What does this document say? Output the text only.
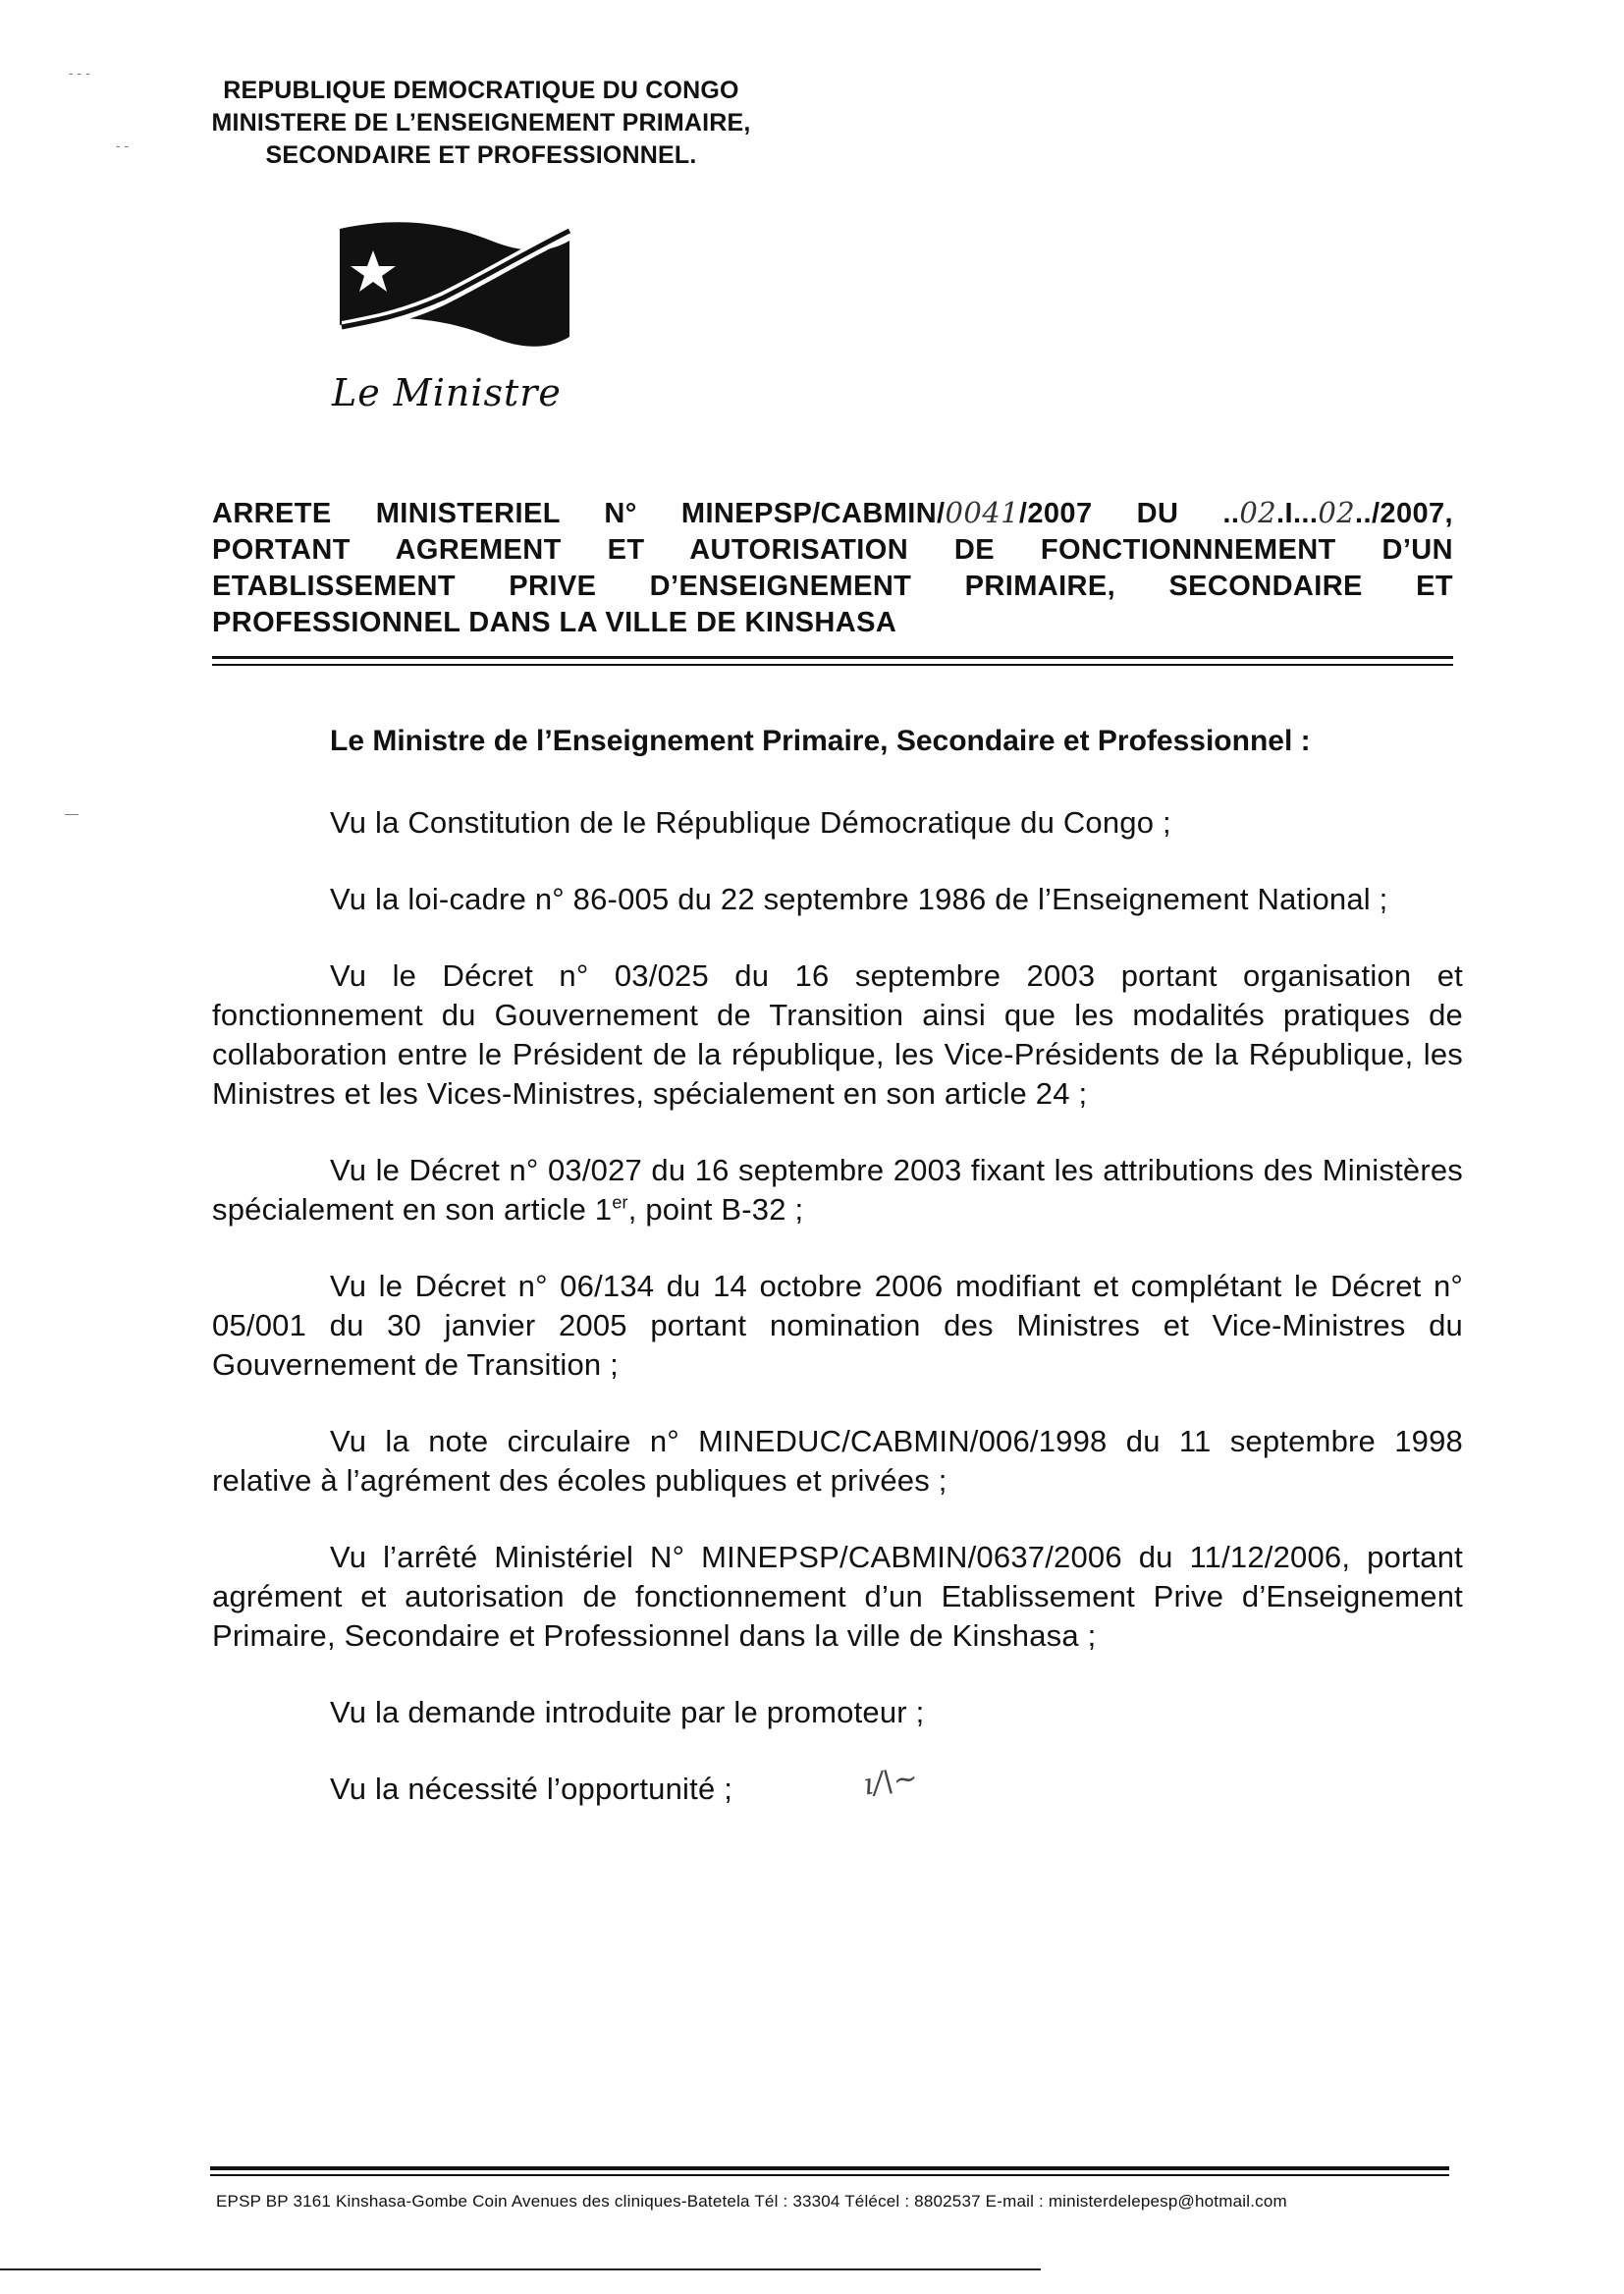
- ‐ ‐
‐ ‐
—
REPUBLIQUE DEMOCRATIQUE DU CONGO
MINISTERE DE L’ENSEIGNEMENT PRIMAIRE,
SECONDAIRE ET PROFESSIONNEL.
Le Ministre
ARRETE MINISTERIEL N° MINEPSP/CABMIN/0041/2007 DU ..02.I...02../2007,
PORTANT AGREMENT ET AUTORISATION DE FONCTIONNNEMENT D’UN
ETABLISSEMENT PRIVE D’ENSEIGNEMENT PRIMAIRE, SECONDAIRE ET
PROFESSIONNEL DANS LA VILLE DE KINSHASA

Le Ministre de l’Enseignement Primaire, Secondaire et Professionnel :

Vu la Constitution de le République Démocratique du Congo ;

Vu la loi-cadre n° 86-005 du 22 septembre 1986 de l’Enseignement National ;

Vu le Décret n° 03/025 du 16 septembre 2003 portant organisation et fonctionnement du Gouvernement de Transition ainsi que les modalités pratiques de collaboration entre le Président de la république, les Vice-Présidents de la République, les Ministres et les Vices-Ministres, spécialement en son article 24 ;

Vu le Décret n° 03/027 du 16 septembre 2003 fixant les attributions des Ministères spécialement en son article 1er, point B-32 ;

Vu le Décret n° 06/134 du 14 octobre 2006 modifiant et complétant le Décret n° 05/001 du 30 janvier 2005 portant nomination des Ministres et Vice-Ministres du Gouvernement de Transition ;

Vu la note circulaire n° MINEDUC/CABMIN/006/1998 du 11 septembre 1998 relative à l’agrément des écoles publiques et privées ;

Vu l’arrêté Ministériel N° MINEPSP/CABMIN/0637/2006 du 11/12/2006, portant agrément et autorisation de fonctionnement d’un Etablissement Prive d’Enseignement Primaire, Secondaire et Professionnel dans la ville de Kinshasa ;

Vu la demande introduite par le promoteur ;

Vu la nécessité l’opportunité ;	ı/\~

EPSP BP 3161 Kinshasa-Gombe Coin Avenues des cliniques-Batetela Tél : 33304 Télécel : 8802537 E-mail : ministerdelepesp@hotmail.com
